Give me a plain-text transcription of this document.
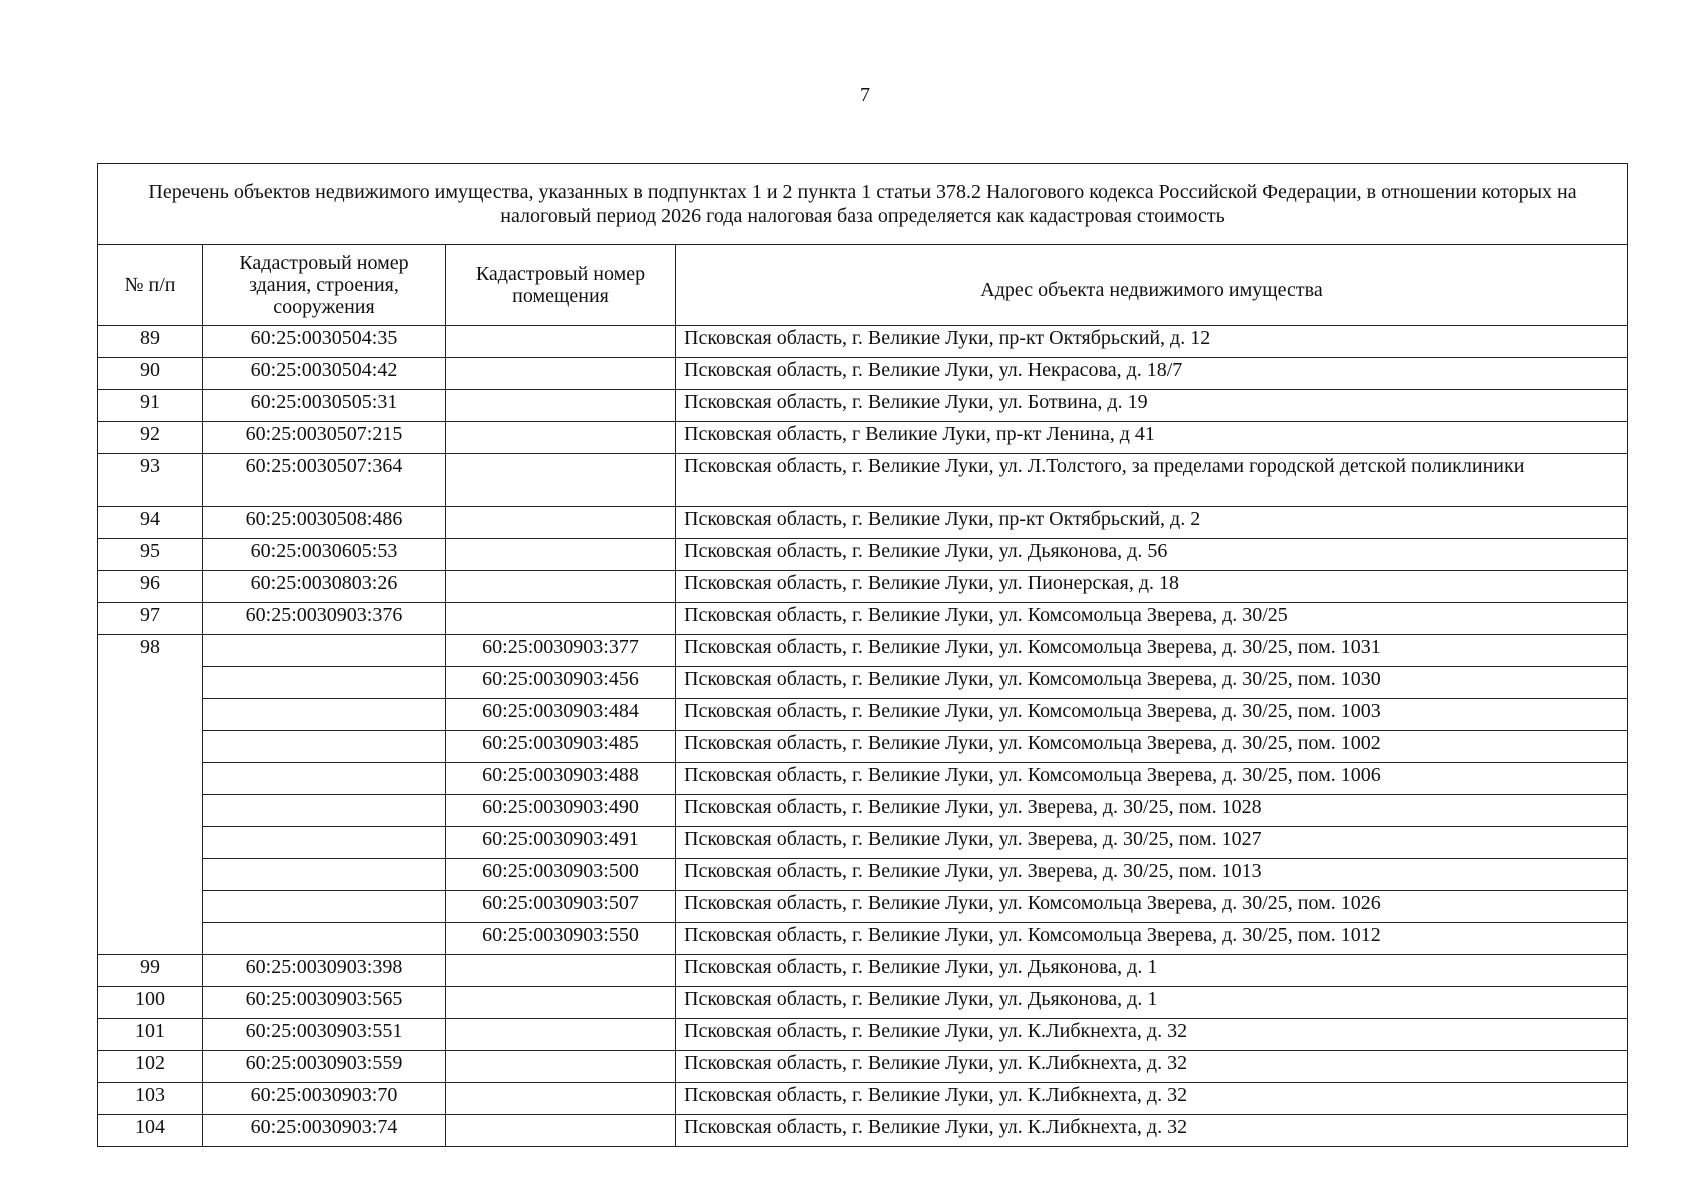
7
Перечень объектов недвижимого имущества, указанных в подпунктах 1 и 2 пункта 1 статьи 378.2 Налогового кодекса Российской Федерации, в отношении которых на налоговый период 2026 года налоговая база определяется как кадастровая стоимость			
№ п/п	Кадастровый номер здания, строения, сооружения	Кадастровый номер помещения	Адрес объекта недвижимого имущества
89	60:25:0030504:35		Псковская область, г. Великие Луки, пр-кт Октябрьский, д. 12
90	60:25:0030504:42		Псковская область, г. Великие Луки, ул. Некрасова, д. 18/7
91	60:25:0030505:31		Псковская область, г. Великие Луки, ул. Ботвина, д. 19
92	60:25:0030507:215		Псковская область, г Великие Луки, пр-кт Ленина, д 41
93	60:25:0030507:364		Псковская область, г. Великие Луки, ул. Л.Толстого, за пределами городской детской поликлиники
94	60:25:0030508:486		Псковская область, г. Великие Луки, пр-кт Октябрьский, д. 2
95	60:25:0030605:53		Псковская область, г. Великие Луки, ул. Дьяконова, д. 56
96	60:25:0030803:26		Псковская область, г. Великие Луки, ул. Пионерская, д. 18
97	60:25:0030903:376		Псковская область, г. Великие Луки, ул. Комсомольца Зверева, д. 30/25
98		60:25:0030903:377	Псковская область, г. Великие Луки, ул. Комсомольца Зверева, д. 30/25, пом. 1031
		60:25:0030903:456	Псковская область, г. Великие Луки, ул. Комсомольца Зверева, д. 30/25, пом. 1030
		60:25:0030903:484	Псковская область, г. Великие Луки, ул. Комсомольца Зверева, д. 30/25, пом. 1003
		60:25:0030903:485	Псковская область, г. Великие Луки, ул. Комсомольца Зверева, д. 30/25, пом. 1002
		60:25:0030903:488	Псковская область, г. Великие Луки, ул. Комсомольца Зверева, д. 30/25, пом. 1006
		60:25:0030903:490	Псковская область, г. Великие Луки, ул. Зверева, д. 30/25, пом. 1028
		60:25:0030903:491	Псковская область, г. Великие Луки, ул. Зверева, д. 30/25, пом. 1027
		60:25:0030903:500	Псковская область, г. Великие Луки, ул. Зверева, д. 30/25, пом. 1013
		60:25:0030903:507	Псковская область, г. Великие Луки, ул. Комсомольца Зверева, д. 30/25, пом. 1026
		60:25:0030903:550	Псковская область, г. Великие Луки, ул. Комсомольца Зверева, д. 30/25, пом. 1012
99	60:25:0030903:398		Псковская область, г. Великие Луки, ул. Дьяконова, д. 1
100	60:25:0030903:565		Псковская область, г. Великие Луки, ул. Дьяконова, д. 1
101	60:25:0030903:551		Псковская область, г. Великие Луки, ул. К.Либкнехта, д. 32
102	60:25:0030903:559		Псковская область, г. Великие Луки, ул. К.Либкнехта, д. 32
103	60:25:0030903:70		Псковская область, г. Великие Луки, ул. К.Либкнехта, д. 32
104	60:25:0030903:74		Псковская область, г. Великие Луки, ул. К.Либкнехта, д. 32
